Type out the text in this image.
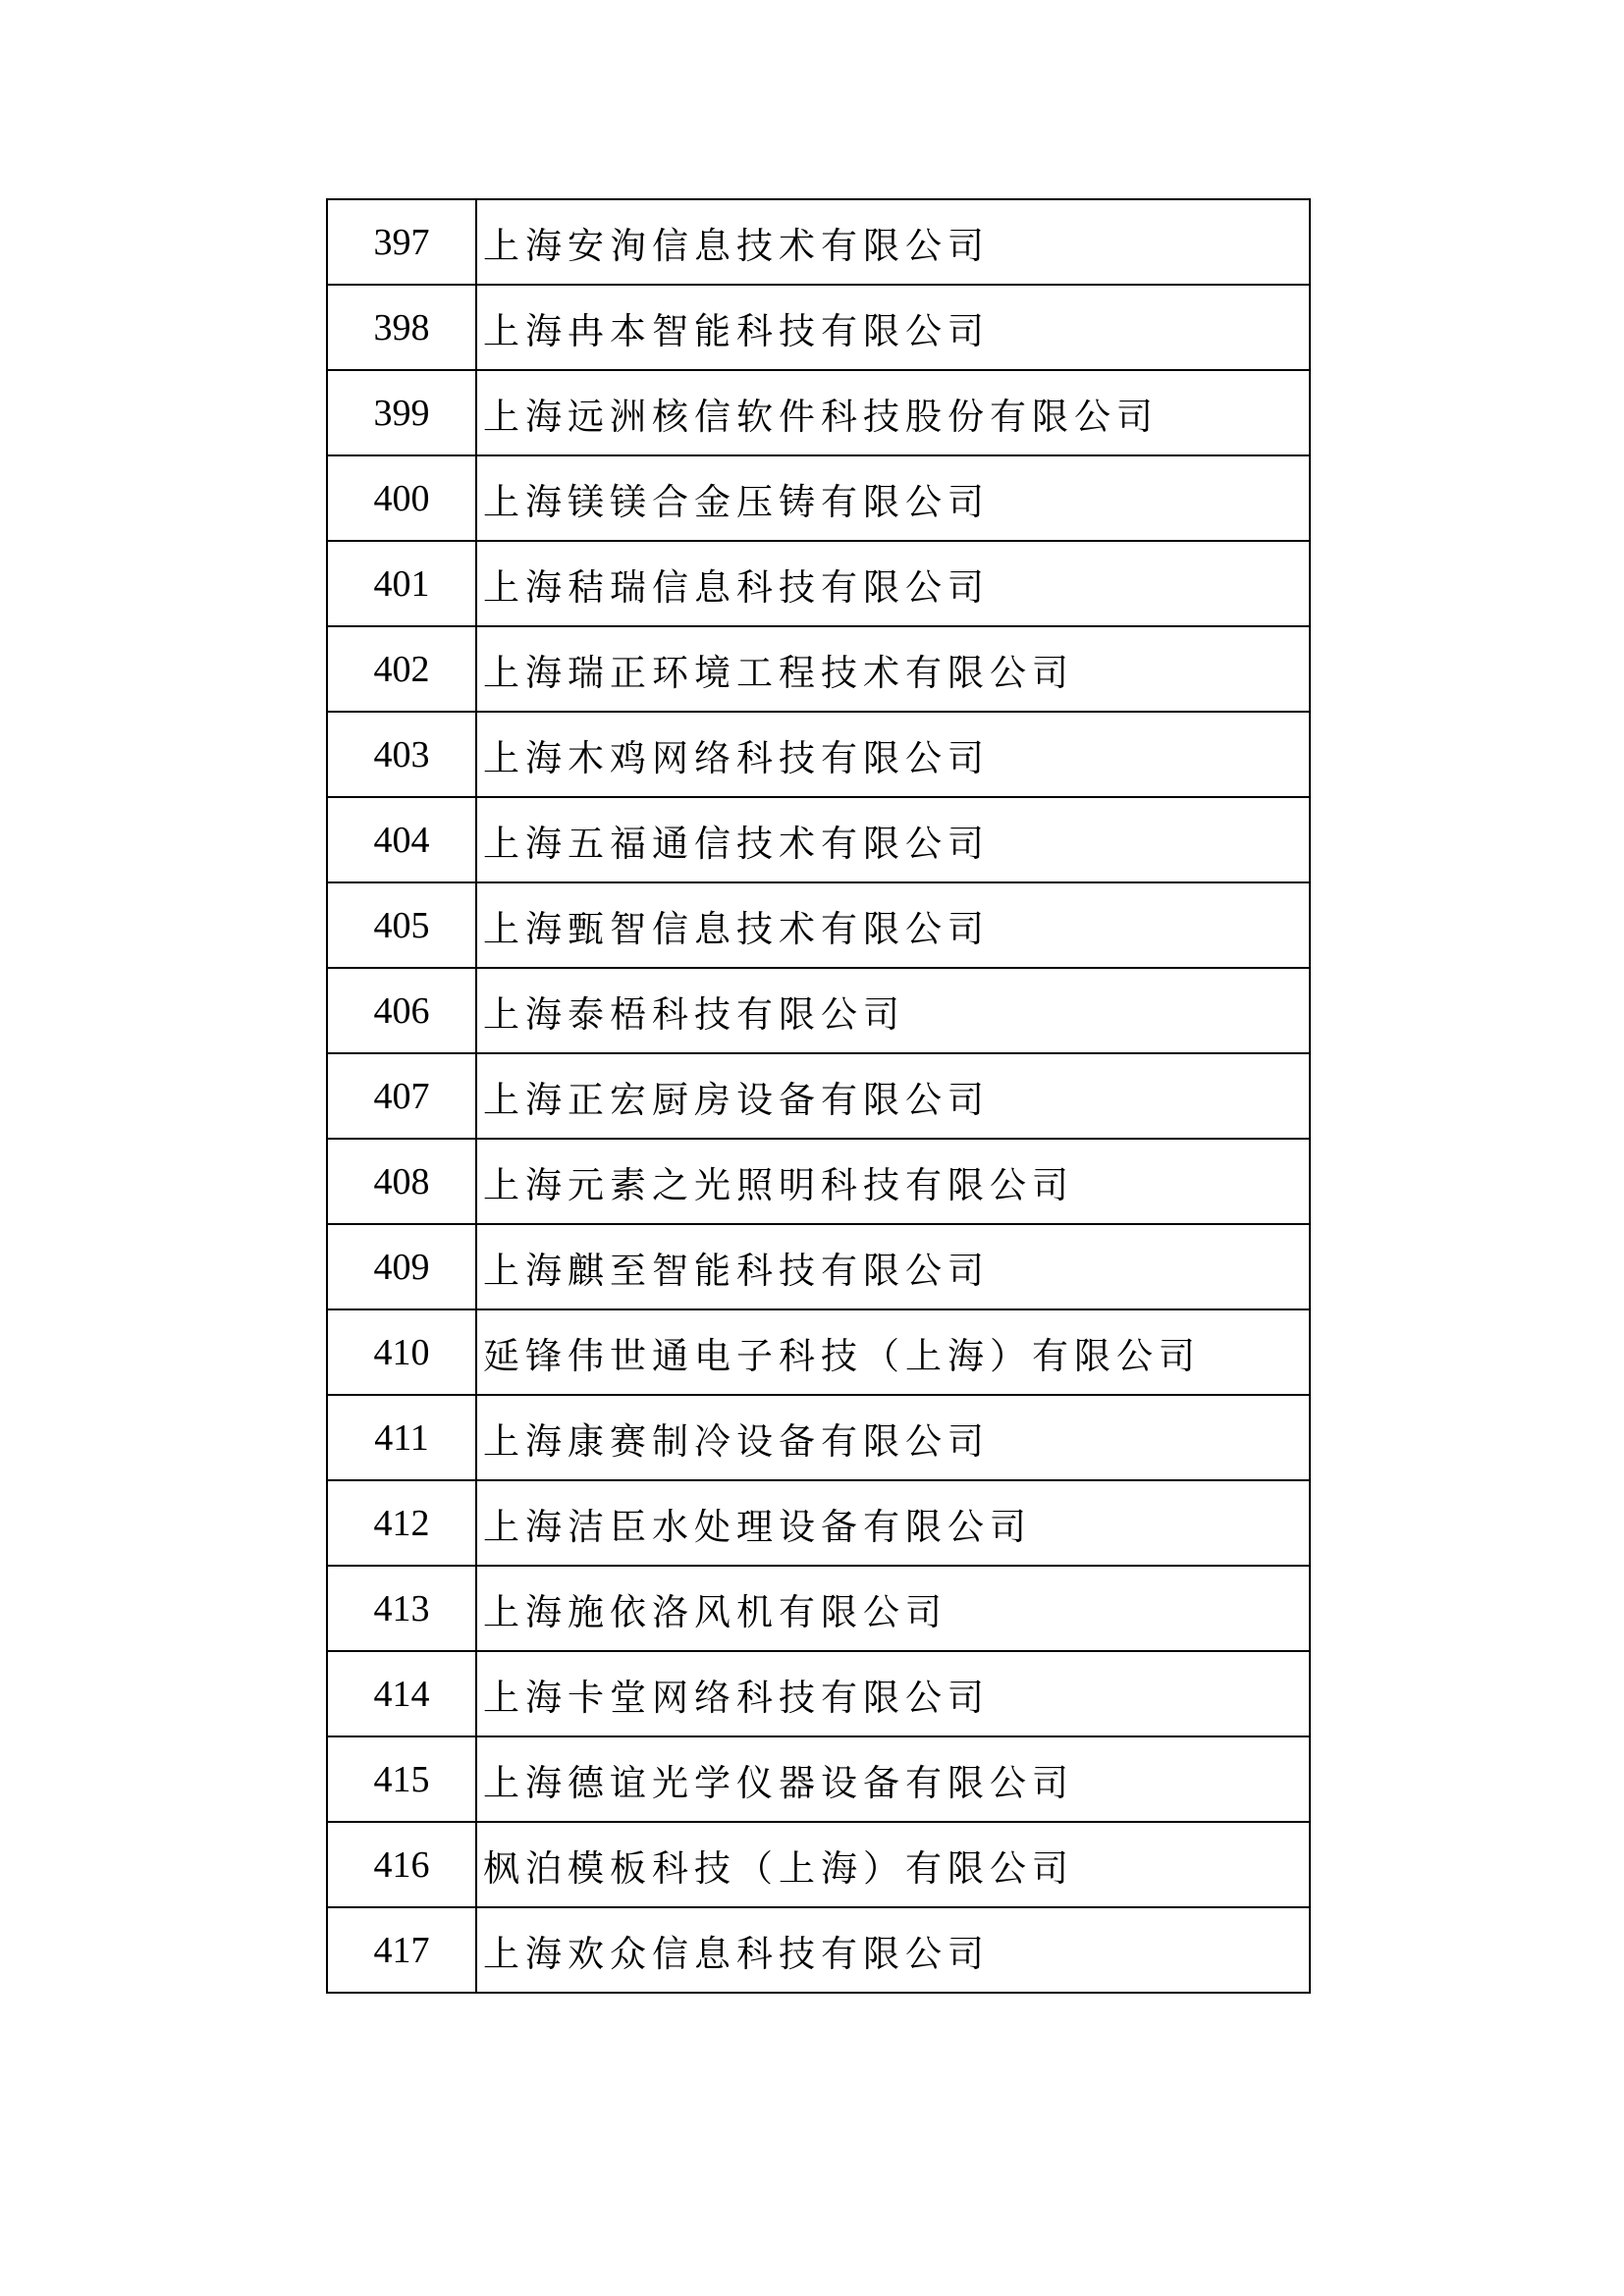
397	上海安洵信息技术有限公司
398	上海冉本智能科技有限公司
399	上海远洲核信软件科技股份有限公司
400	上海镁镁合金压铸有限公司
401	上海秸瑞信息科技有限公司
402	上海瑞正环境工程技术有限公司
403	上海木鸡网络科技有限公司
404	上海五福通信技术有限公司
405	上海甄智信息技术有限公司
406	上海泰梧科技有限公司
407	上海正宏厨房设备有限公司
408	上海元素之光照明科技有限公司
409	上海麒至智能科技有限公司
410	延锋伟世通电子科技（上海）有限公司
411	上海康赛制冷设备有限公司
412	上海洁臣水处理设备有限公司
413	上海施依洛风机有限公司
414	上海卡堂网络科技有限公司
415	上海德谊光学仪器设备有限公司
416	枫泊模板科技（上海）有限公司
417	上海欢众信息科技有限公司
